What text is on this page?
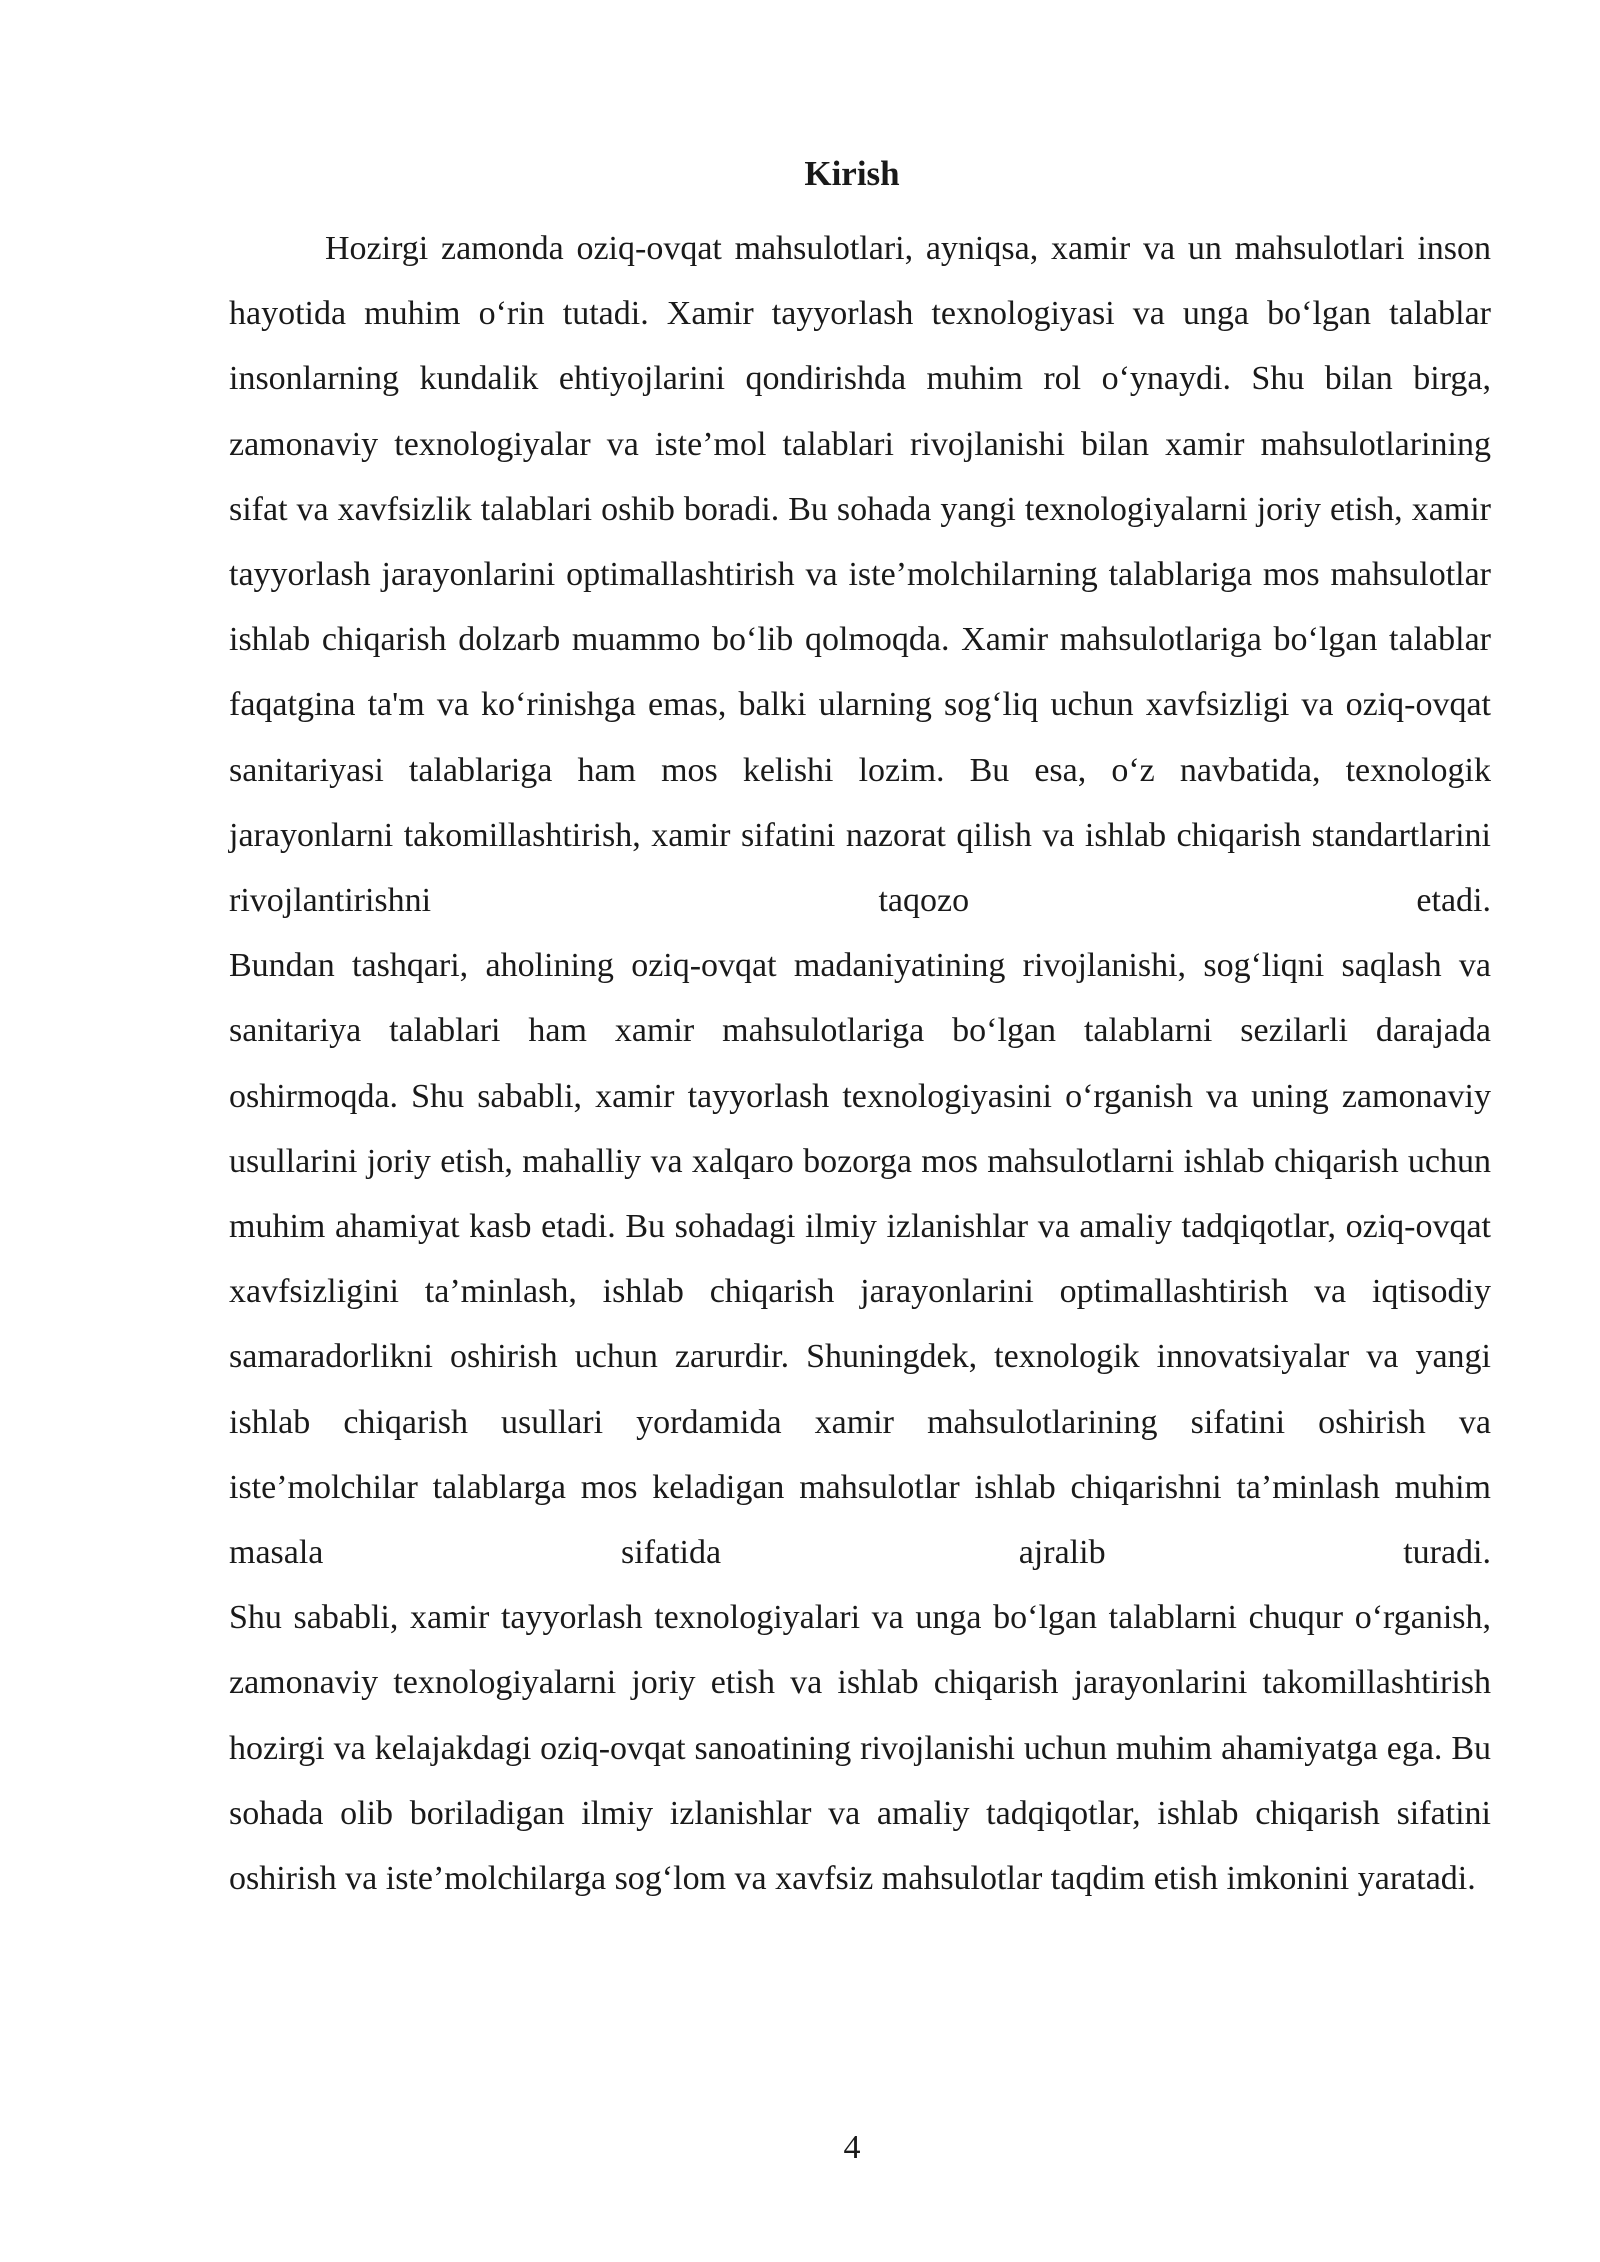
Kirish

Hozirgi zamonda oziq-ovqat mahsulotlari, ayniqsa, xamir va un mahsulotlari inson hayotida muhim o‘rin tutadi. Xamir tayyorlash texnologiyasi va unga bo‘lgan talablar insonlarning kundalik ehtiyojlarini qondirishda muhim rol o‘ynaydi. Shu bilan birga, zamonaviy texnologiyalar va iste’mol talablari rivojlanishi bilan xamir mahsulotlarining sifat va xavfsizlik talablari oshib boradi. Bu sohada yangi texnologiyalarni joriy etish, xamir tayyorlash jarayonlarini optimallashtirish va iste’molchilarning talablariga mos mahsulotlar ishlab chiqarish dolzarb muammo bo‘lib qolmoqda. Xamir mahsulotlariga bo‘lgan talablar faqatgina ta'm va ko‘rinishga emas, balki ularning sog‘liq uchun xavfsizligi va oziq-ovqat sanitariyasi talablariga ham mos kelishi lozim. Bu esa, o‘z navbatida, texnologik jarayonlarni takomillashtirish, xamir sifatini nazorat qilish va ishlab chiqarish standartlarini rivojlantirishni taqozo etadi.

Bundan tashqari, aholining oziq-ovqat madaniyatining rivojlanishi, sog‘liqni saqlash va sanitariya talablari ham xamir mahsulotlariga bo‘lgan talablarni sezilarli darajada oshirmoqda. Shu sababli, xamir tayyorlash texnologiyasini o‘rganish va uning zamonaviy usullarini joriy etish, mahalliy va xalqaro bozorga mos mahsulotlarni ishlab chiqarish uchun muhim ahamiyat kasb etadi. Bu sohadagi ilmiy izlanishlar va amaliy tadqiqotlar, oziq-ovqat xavfsizligini ta’minlash, ishlab chiqarish jarayonlarini optimallashtirish va iqtisodiy samaradorlikni oshirish uchun zarurdir. Shuningdek, texnologik innovatsiyalar va yangi ishlab chiqarish usullari yordamida xamir mahsulotlarining sifatini oshirish va iste’molchilar talablarga mos keladigan mahsulotlar ishlab chiqarishni ta’minlash muhim masala sifatida ajralib turadi.

Shu sababli, xamir tayyorlash texnologiyalari va unga bo‘lgan talablarni chuqur o‘rganish, zamonaviy texnologiyalarni joriy etish va ishlab chiqarish jarayonlarini takomillashtirish hozirgi va kelajakdagi oziq-ovqat sanoatining rivojlanishi uchun muhim ahamiyatga ega. Bu sohada olib boriladigan ilmiy izlanishlar va amaliy tadqiqotlar, ishlab chiqarish sifatini oshirish va iste’molchilarga sog‘lom va xavfsiz mahsulotlar taqdim etish imkonini yaratadi.

4
